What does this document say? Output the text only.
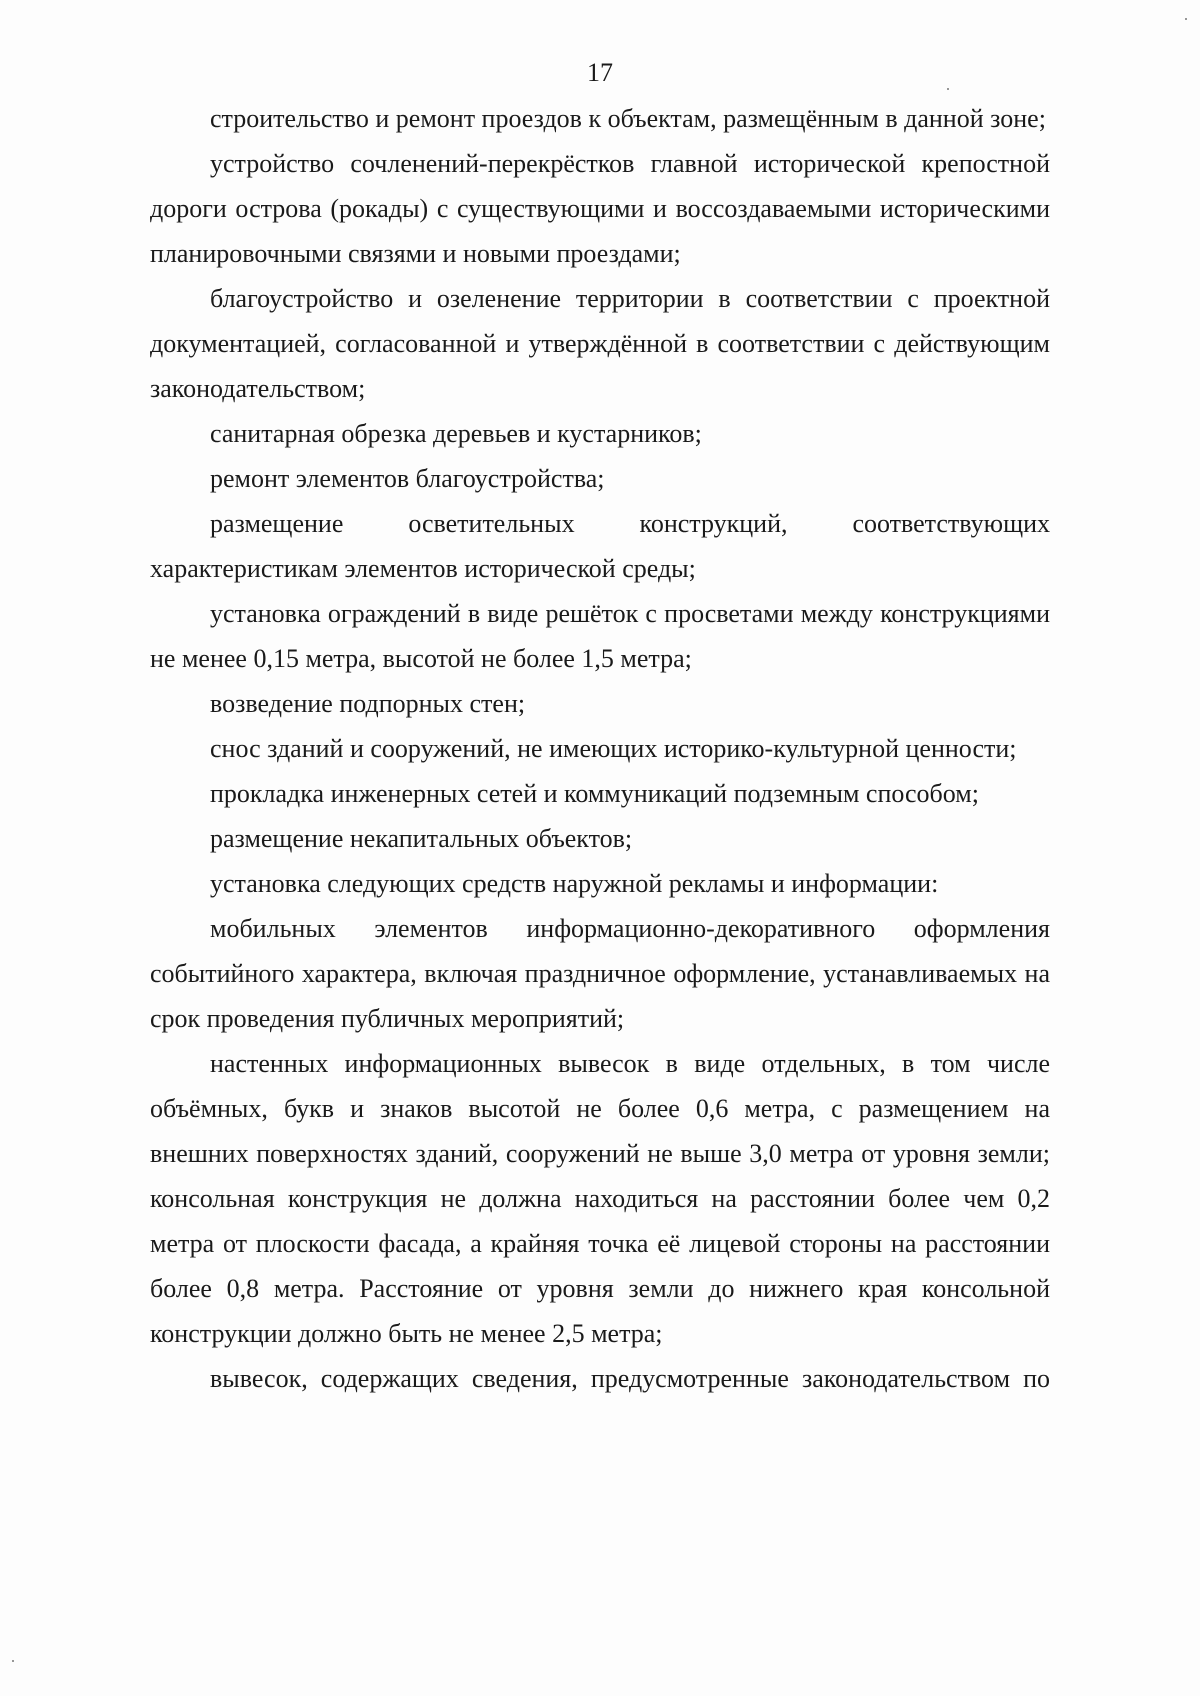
17

строительство и ремонт проездов к объектам, размещённым в данной зоне;

устройство сочленений-перекрёстков главной исторической крепостной дороги острова (рокады) с существующими и воссоздаваемыми историческими планировочными связями и новыми проездами;

благоустройство и озеленение территории в соответствии с проектной документацией, согласованной и утверждённой в соответствии с действующим законодательством;

санитарная обрезка деревьев и кустарников;

ремонт элементов благоустройства;

размещение осветительных конструкций, соответствующих характеристикам элементов исторической среды;

установка ограждений в виде решёток с просветами между конструкциями не менее 0,15 метра, высотой не более 1,5 метра;

возведение подпорных стен;

снос зданий и сооружений, не имеющих историко-культурной ценности;

прокладка инженерных сетей и коммуникаций подземным способом;

размещение некапитальных объектов;

установка следующих средств наружной рекламы и информации:

мобильных элементов информационно-декоративного оформления событийного характера, включая праздничное оформление, устанавливаемых на срок проведения публичных мероприятий;

настенных информационных вывесок в виде отдельных, в том числе объёмных, букв и знаков высотой не более 0,6 метра, с размещением на внешних поверхностях зданий, сооружений не выше 3,0 метра от уровня земли; консольная конструкция не должна находиться на расстоянии более чем 0,2 метра от плоскости фасада, а крайняя точка её лицевой стороны на расстоянии более 0,8 метра. Расстояние от уровня земли до нижнего края консольной конструкции должно быть не менее 2,5 метра;

вывесок, содержащих сведения, предусмотренные законодательством по
